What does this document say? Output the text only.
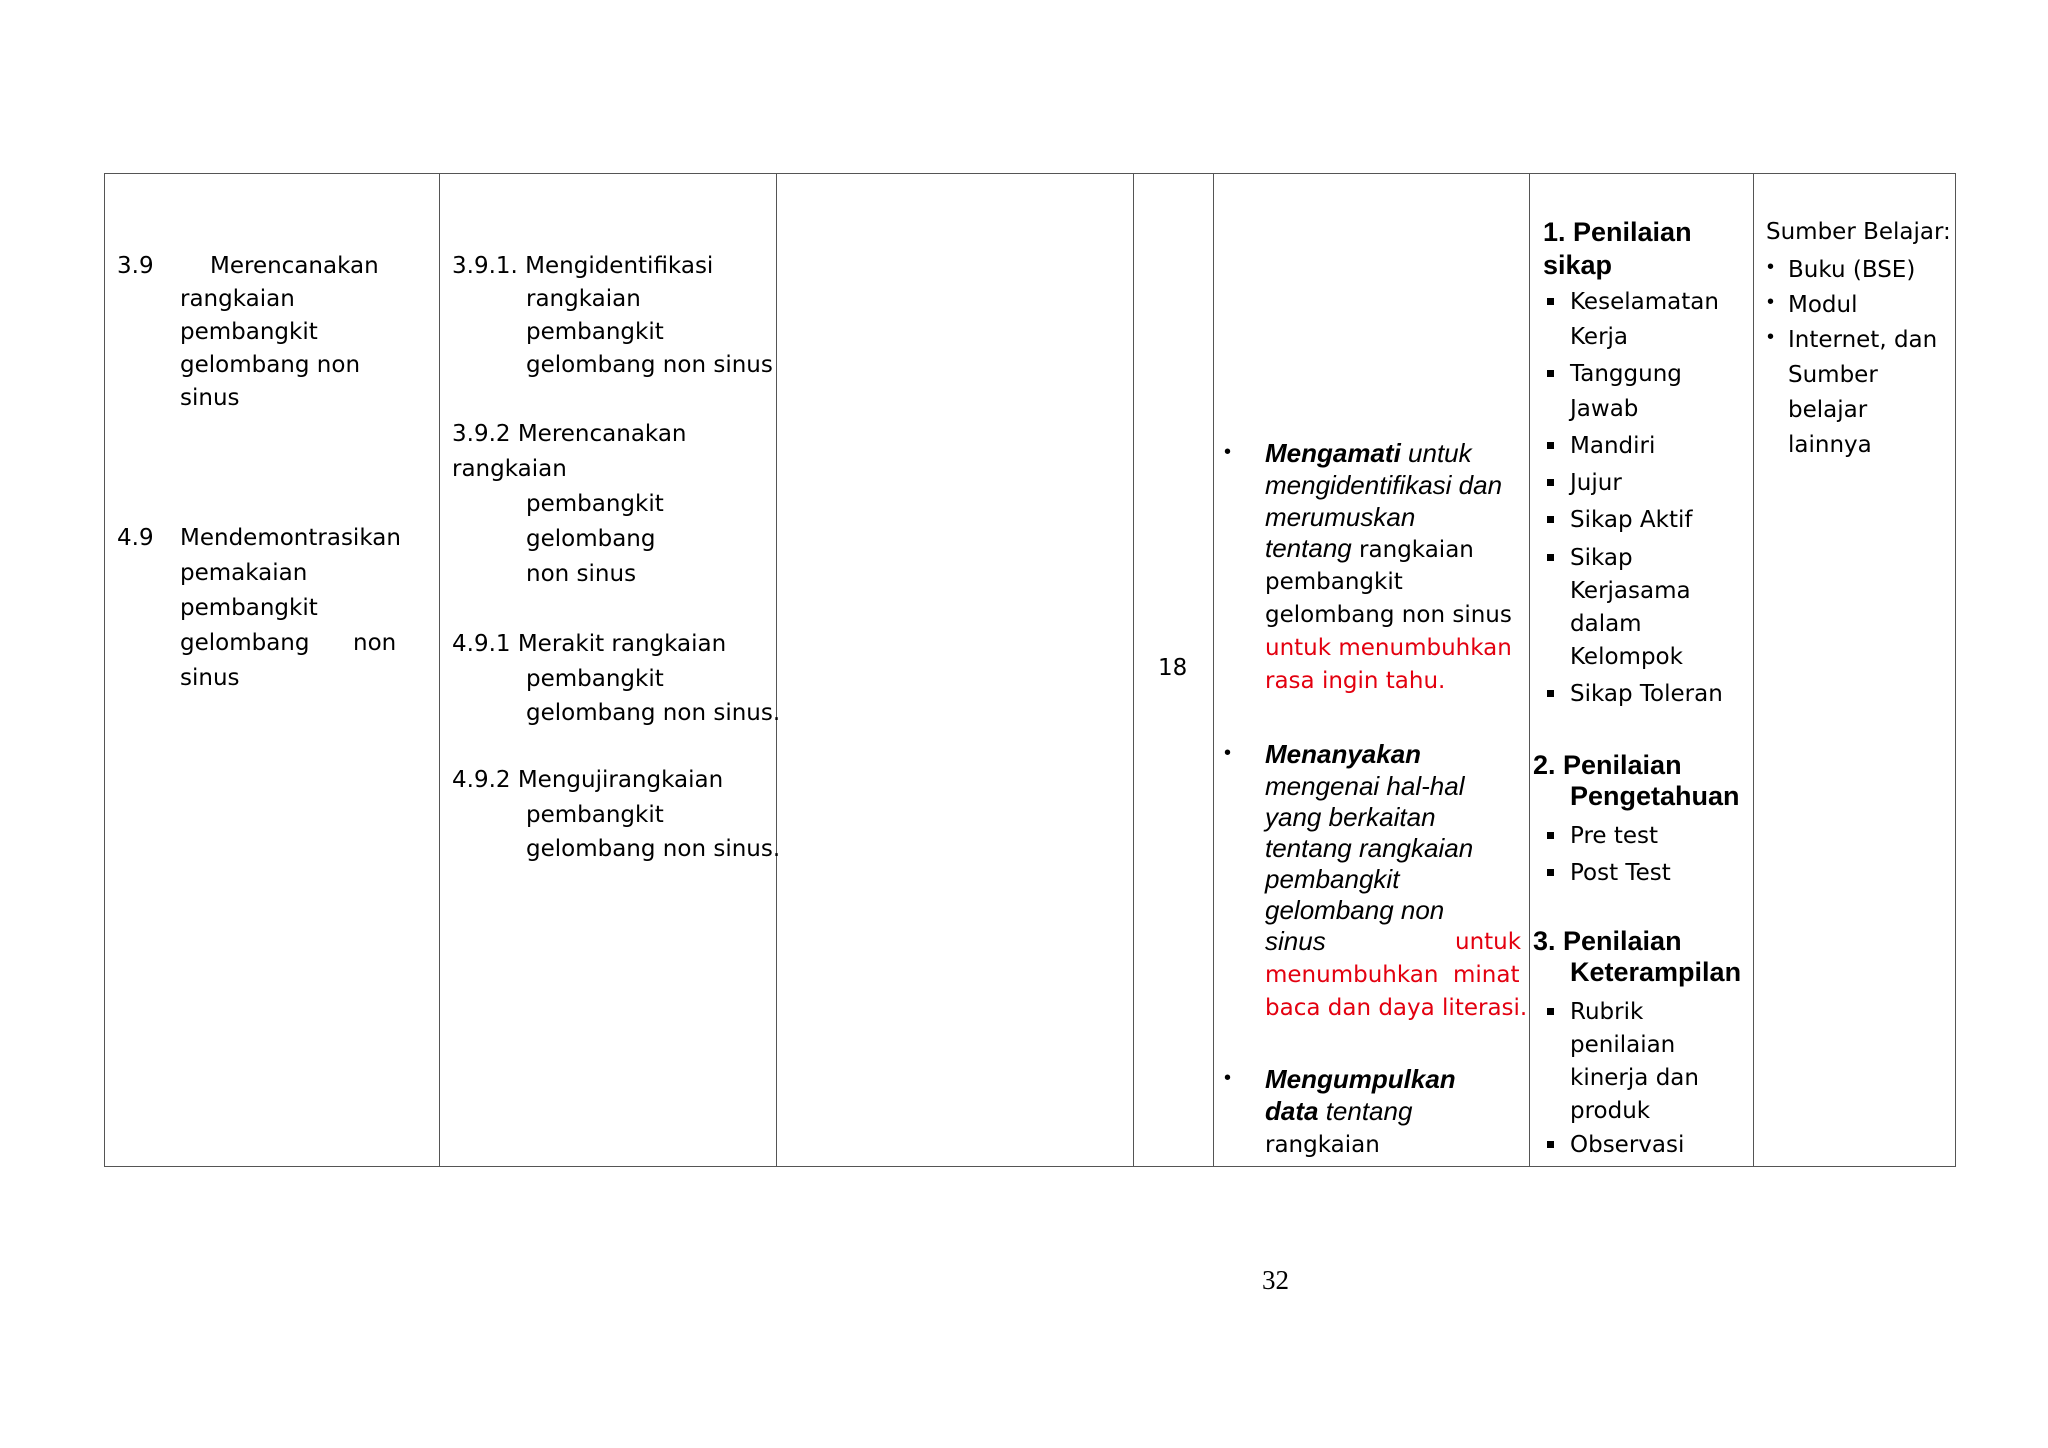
3.9 Merencanakan
rangkaian
pembangkit
gelombang non
sinus
4.9 Mendemontrasikan
pemakaian
pembangkit
gelombang non
sinus
3.9.1. Mengidentifikasi
rangkaian
pembangkit
gelombang non sinus
3.9.2 Merencanakan
rangkaian
pembangkit
gelombang
non sinus
4.9.1 Merakit rangkaian
pembangkit
gelombang non sinus.
4.9.2 Mengujirangkaian
pembangkit
gelombang non sinus.
18
• Mengamati untuk
mengidentifikasi dan
merumuskan
tentang rangkaian
pembangkit
gelombang non sinus
untuk menumbuhkan
rasa ingin tahu.
• Menanyakan
mengenai hal-hal
yang berkaitan
tentang rangkaian
pembangkit
gelombang non
sinus	untuk
menumbuhkan minat
baca dan daya literasi.
• Mengumpulkan
data tentang
rangkaian
1. Penilaian
sikap
Keselamatan
Kerja
Tanggung
Jawab
Mandiri
Jujur
Sikap Aktif
Sikap
Kerjasama
dalam
Kelompok
Sikap Toleran
2. Penilaian
Pengetahuan
Pre test
Post Test
3. Penilaian
Keterampilan
Rubrik
penilaian
kinerja dan
produk
Observasi
Sumber Belajar:
• Buku (BSE)
• Modul
• Internet, dan
Sumber
belajar
lainnya
32
